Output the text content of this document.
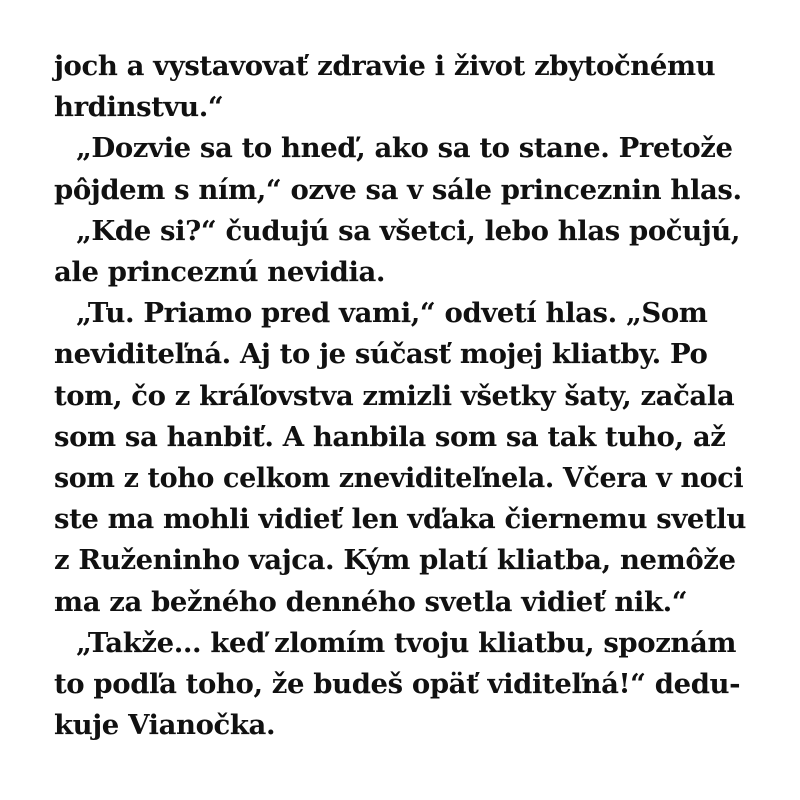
joch a vystavovať zdravie i život zbytočnému
hrdinstvu.“
„Dozvie sa to hneď, ako sa to stane. Pretože
pôjdem s ním,“ ozve sa v sále princeznin hlas.
„Kde si?“ čudujú sa všetci, lebo hlas počujú,
ale princeznú nevidia.
„Tu. Priamo pred vami,“ odvetí hlas. „Som
neviditeľná. Aj to je súčasť mojej kliatby. Po
tom, čo z kráľovstva zmizli všetky šaty, začala
som sa hanbiť. A hanbila som sa tak tuho, až
som z toho celkom zneviditeľnela. Včera v noci
ste ma mohli vidieť len vďaka čiernemu svetlu
z Ruženinho vajca. Kým platí kliatba, nemôže
ma za bežného denného svetla vidieť nik.“
„Takže... keď zlomím tvoju kliatbu, spoznám
to podľa toho, že budeš opäť viditeľná!“ dedu-
kuje Vianočka.
